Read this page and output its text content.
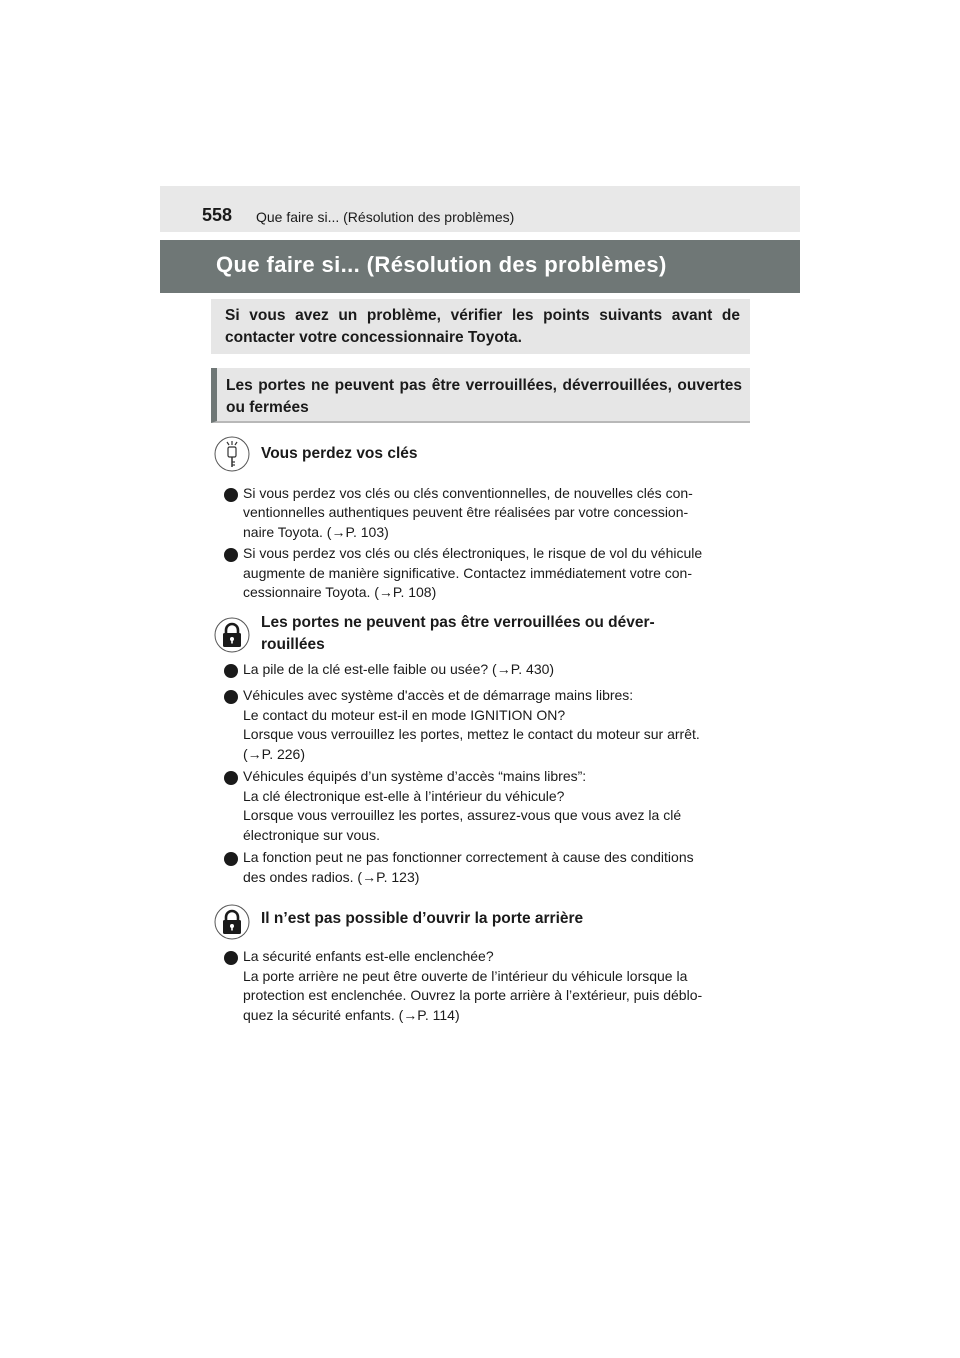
558 Que faire si... (Résolution des problèmes)
Que faire si... (Résolution des problèmes)

Si vous avez un problème, vérifier les points suivants avant de contacter votre concessionnaire Toyota.

Les portes ne peuvent pas être verrouillées, déverrouillées, ouvertes ou fermées

Vous perdez vos clés
Si vous perdez vos clés ou clés conventionnelles, de nouvelles clés con-
ventionnelles authentiques peuvent être réalisées par votre concession-
naire Toyota. (→P. 103)
Si vous perdez vos clés ou clés électroniques, le risque de vol du véhicule
augmente de manière significative. Contactez immédiatement votre con-
cessionnaire Toyota. (→P. 108)
Les portes ne peuvent pas être verrouillées ou déver-
rouillées
La pile de la clé est-elle faible ou usée? (→P. 430)
Véhicules avec système d'accès et de démarrage mains libres:
Le contact du moteur est-il en mode IGNITION ON?
Lorsque vous verrouillez les portes, mettez le contact du moteur sur arrêt.
(→P. 226)
Véhicules équipés d’un système d’accès “mains libres”:
La clé électronique est-elle à l’intérieur du véhicule?
Lorsque vous verrouillez les portes, assurez-vous que vous avez la clé
électronique sur vous.
La fonction peut ne pas fonctionner correctement à cause des conditions
des ondes radios. (→P. 123)
Il n’est pas possible d’ouvrir la porte arrière
La sécurité enfants est-elle enclenchée?
La porte arrière ne peut être ouverte de l’intérieur du véhicule lorsque la
protection est enclenchée. Ouvrez la porte arrière à l’extérieur, puis déblo-
quez la sécurité enfants. (→P. 114)
